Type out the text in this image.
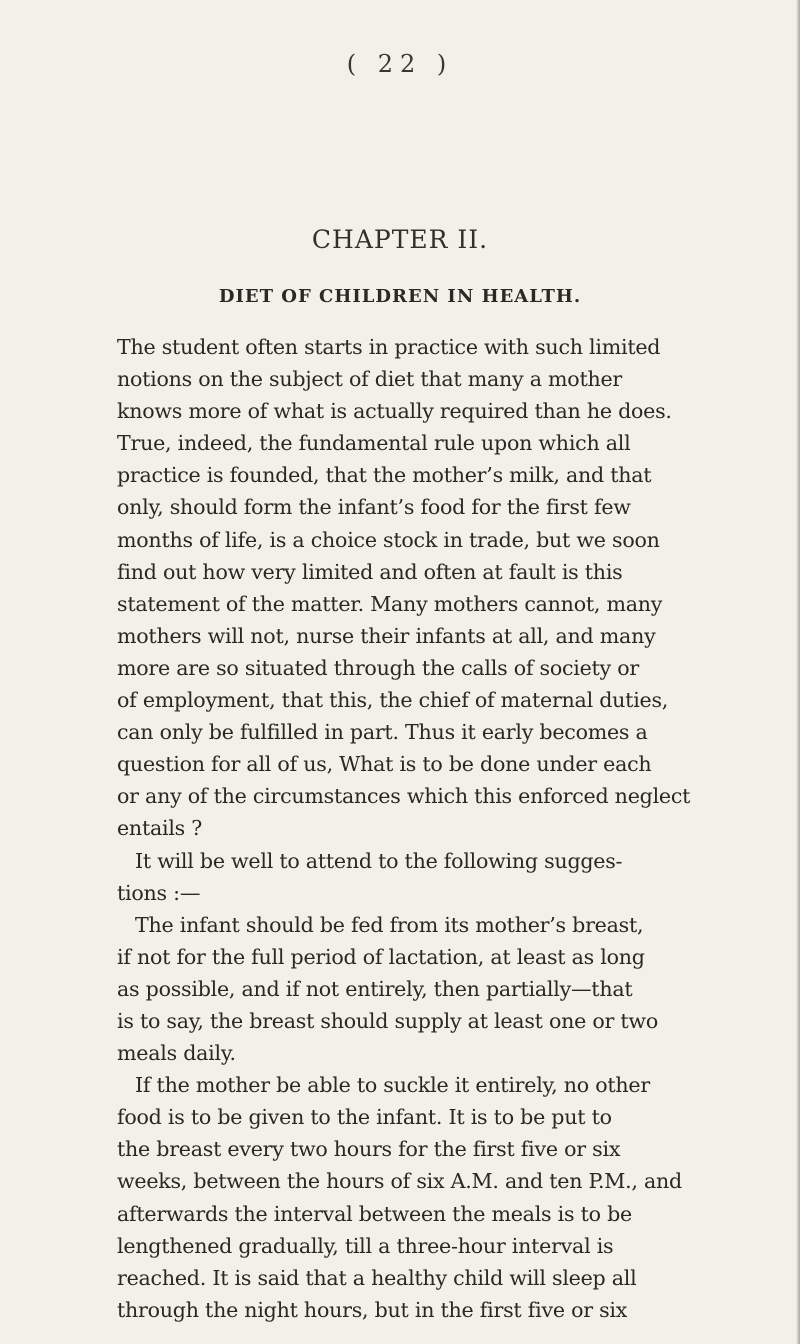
( 22 )
CHAPTER II.
DIET OF CHILDREN IN HEALTH.
The student often starts in practice with such limited
notions on the subject of diet that many a mother
knows more of what is actually required than he does.
True, indeed, the fundamental rule upon which all
practice is founded, that the mother’s milk, and that
only, should form the infant’s food for the first few
months of life, is a choice stock in trade, but we soon
find out how very limited and often at fault is this
statement of the matter. Many mothers cannot, many
mothers will not, nurse their infants at all, and many
more are so situated through the calls of society or
of employment, that this, the chief of maternal duties,
can only be fulfilled in part. Thus it early becomes a
question for all of us, What is to be done under each
or any of the circumstances which this enforced neglect
entails ?
It will be well to attend to the following sugges-
tions :—
The infant should be fed from its mother’s breast,
if not for the full period of lactation, at least as long
as possible, and if not entirely, then partially—that
is to say, the breast should supply at least one or two
meals daily.
If the mother be able to suckle it entirely, no other
food is to be given to the infant. It is to be put to
the breast every two hours for the first five or six
weeks, between the hours of six A.M. and ten P.M., and
afterwards the interval between the meals is to be
lengthened gradually, till a three-hour interval is
reached. It is said that a healthy child will sleep all
through the night hours, but in the first five or six
